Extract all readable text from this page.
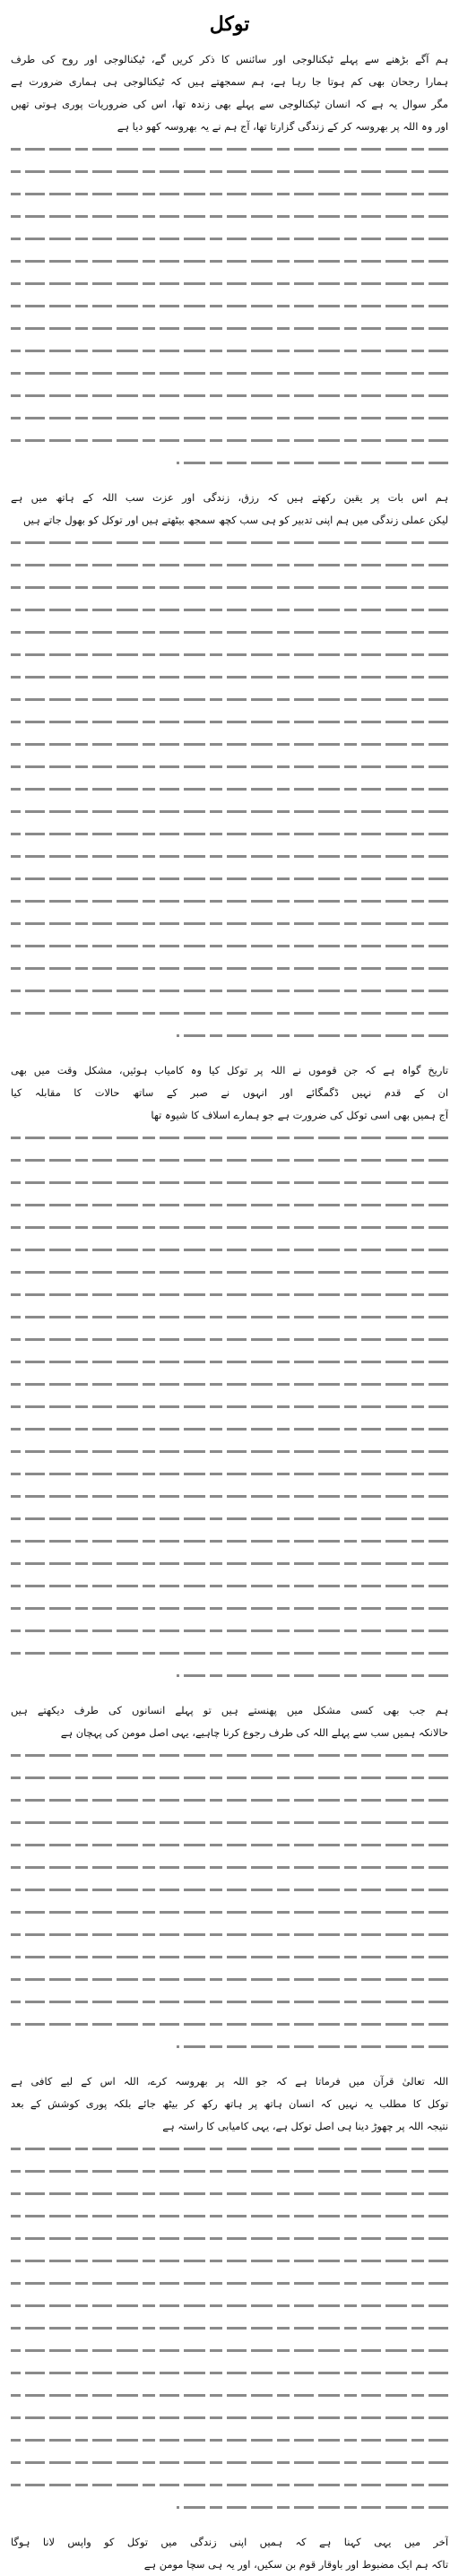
توکل
ہم آگے بڑھنے سے پہلے ٹیکنالوجی اور سائنس کا ذکر کریں گے، ٹیکنالوجی اور روح کی طرف
ہمارا رجحان بھی کم ہوتا جا رہا ہے، ہم سمجھتے ہیں کہ ٹیکنالوجی ہی ہماری ضرورت ہے
مگر سوال یہ ہے کہ انسان ٹیکنالوجی سے پہلے بھی زندہ تھا، اس کی ضروریات پوری ہوتی تھیں
اور وہ اللہ پر بھروسہ کر کے زندگی گزارتا تھا، آج ہم نے یہ بھروسہ کھو دیا ہے
ہم اس بات پر یقین رکھتے ہیں کہ رزق، زندگی اور عزت سب اللہ کے ہاتھ میں ہے
لیکن عملی زندگی میں ہم اپنی تدبیر کو ہی سب کچھ سمجھ بیٹھتے ہیں اور توکل کو بھول جاتے ہیں
تاریخ گواہ ہے کہ جن قوموں نے اللہ پر توکل کیا وہ کامیاب ہوئیں، مشکل وقت میں بھی
ان کے قدم نہیں ڈگمگائے اور انہوں نے صبر کے ساتھ حالات کا مقابلہ کیا
آج ہمیں بھی اسی توکل کی ضرورت ہے جو ہمارے اسلاف کا شیوہ تھا
ہم جب بھی کسی مشکل میں پھنستے ہیں تو پہلے انسانوں کی طرف دیکھتے ہیں
حالانکہ ہمیں سب سے پہلے اللہ کی طرف رجوع کرنا چاہیے، یہی اصل مومن کی پہچان ہے
اللہ تعالیٰ قرآن میں فرماتا ہے کہ جو اللہ پر بھروسہ کرے، اللہ اس کے لیے کافی ہے
توکل کا مطلب یہ نہیں کہ انسان ہاتھ پر ہاتھ رکھ کر بیٹھ جائے بلکہ پوری کوشش کے بعد
نتیجہ اللہ پر چھوڑ دینا ہی اصل توکل ہے، یہی کامیابی کا راستہ ہے
آخر میں یہی کہنا ہے کہ ہمیں اپنی زندگی میں توکل کو واپس لانا ہوگا
تاکہ ہم ایک مضبوط اور باوقار قوم بن سکیں، اور یہ ہی سچا مومن ہے
